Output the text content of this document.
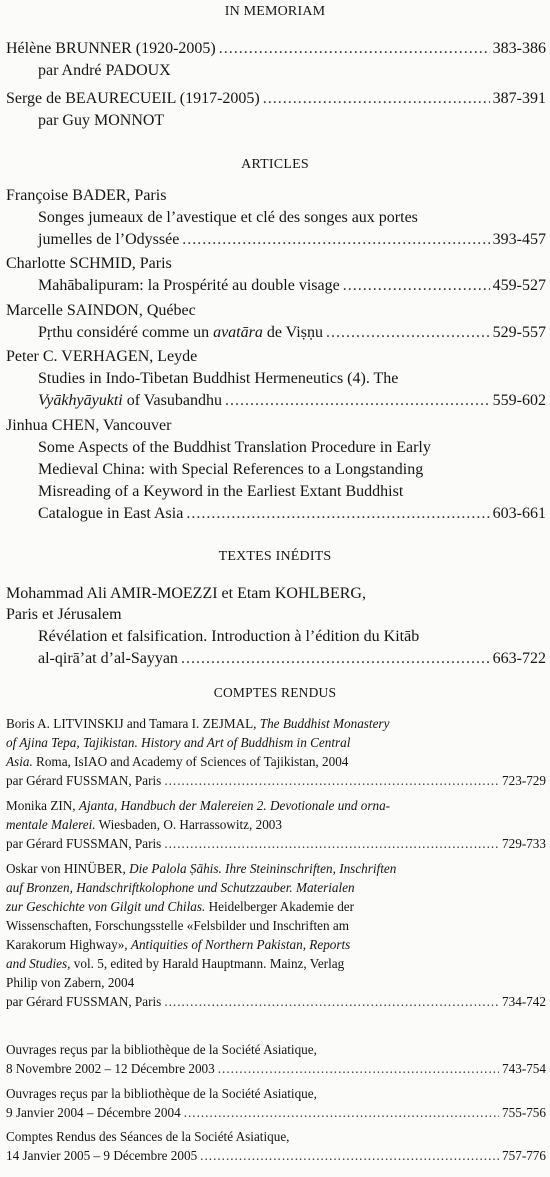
IN MEMORIAM
Hélène BRUNNER (1920-2005) .....	383-386
par André PADOUX
Serge de BEAURECUEIL (1917-2005) .....	387-391
par Guy MONNOT
ARTICLES
Françoise BADER, Paris
Songes jumeaux de l’avestique et clé des songes aux portes
jumelles de l’Odyssée .....	393-457
Charlotte SCHMID, Paris
Mahābalipuram: la Prospérité au double visage .....	459-527
Marcelle SAINDON, Québec
Pṛthu considéré comme un avatāra de Viṣṇu .....	529-557
Peter C. VERHAGEN, Leyde
Studies in Indo-Tibetan Buddhist Hermeneutics (4). The
Vyākhyāyukti of Vasubandhu .....	559-602
Jinhua CHEN, Vancouver
Some Aspects of the Buddhist Translation Procedure in Early
Medieval China: with Special References to a Longstanding
Misreading of a Keyword in the Earliest Extant Buddhist
Catalogue in East Asia .....	603-661
TEXTES INÉDITS
Mohammad Ali AMIR-MOEZZI et Etam KOHLBERG,
Paris et Jérusalem
Révélation et falsification. Introduction à l’édition du Kitāb
al-qirā’at d’al-Sayyan .....	663-722
COMPTES RENDUS
Boris A. LITVINSKIJ and Tamara I. ZEJMAL, The Buddhist Monastery
of Ajina Tepa, Tajikistan. History and Art of Buddhism in Central
Asia. Roma, IsIAO and Academy of Sciences of Tajikistan, 2004
par Gérard FUSSMAN, Paris .....	723-729
Monika ZIN, Ajanta, Handbuch der Malereien 2. Devotionale und orna-
mentale Malerei. Wiesbaden, O. Harrassowitz, 2003
par Gérard FUSSMAN, Paris .....	729-733
Oskar von HINÜBER, Die Palola Ṣāhis. Ihre Steininschriften, Inschriften
auf Bronzen, Handschriftkolophone und Schutzzauber. Materialen
zur Geschichte von Gilgit und Chilas. Heidelberger Akademie der
Wissenschaften, Forschungsstelle «Felsbilder und Inschriften am
Karakorum Highway», Antiquities of Northern Pakistan, Reports
and Studies, vol. 5, edited by Harald Hauptmann. Mainz, Verlag
Philip von Zabern, 2004
par Gérard FUSSMAN, Paris .....	734-742
Ouvrages reçus par la bibliothèque de la Société Asiatique,
8 Novembre 2002 – 12 Décembre 2003 .....	743-754
Ouvrages reçus par la bibliothèque de la Société Asiatique,
9 Janvier 2004 – Décembre 2004 .....	755-756
Comptes Rendus des Séances de la Société Asiatique,
14 Janvier 2005 – 9 Décembre 2005 .....	757-776
